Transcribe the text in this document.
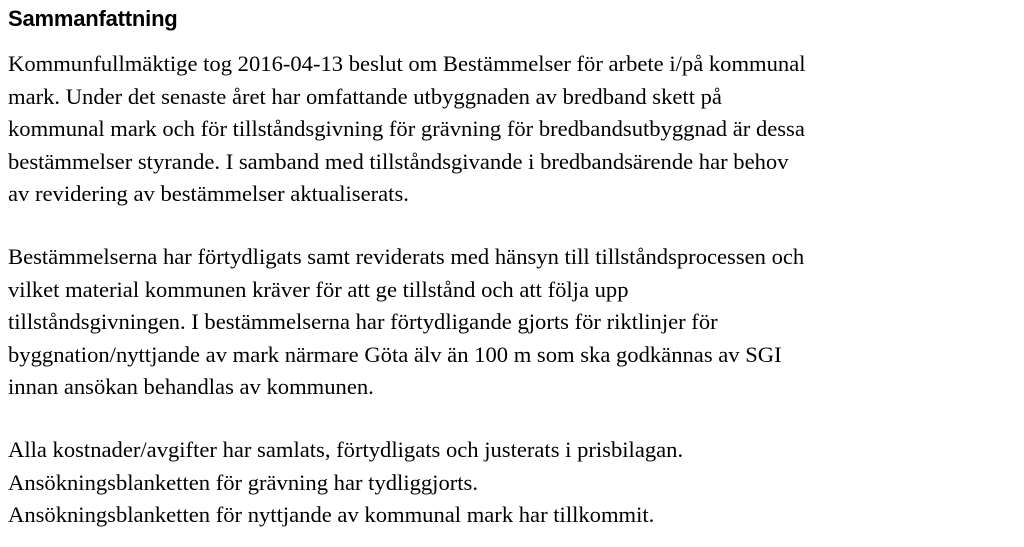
Sammanfattning

Kommunfullmäktige tog 2016-04-13 beslut om Bestämmelser för arbete i/på kommunal
mark. Under det senaste året har omfattande utbyggnaden av bredband skett på
kommunal mark och för tillståndsgivning för grävning för bredbandsutbyggnad är dessa
bestämmelser styrande. I samband med tillståndsgivande i bredbandsärende har behov
av revidering av bestämmelser aktualiserats.

Bestämmelserna har förtydligats samt reviderats med hänsyn till tillståndsprocessen och
vilket material kommunen kräver för att ge tillstånd och att följa upp
tillståndsgivningen. I bestämmelserna har förtydligande gjorts för riktlinjer för
byggnation/nyttjande av mark närmare Göta älv än 100 m som ska godkännas av SGI
innan ansökan behandlas av kommunen.

Alla kostnader/avgifter har samlats, förtydligats och justerats i prisbilagan.
Ansökningsblanketten för grävning har tydliggjorts.
Ansökningsblanketten för nyttjande av kommunal mark har tillkommit.
